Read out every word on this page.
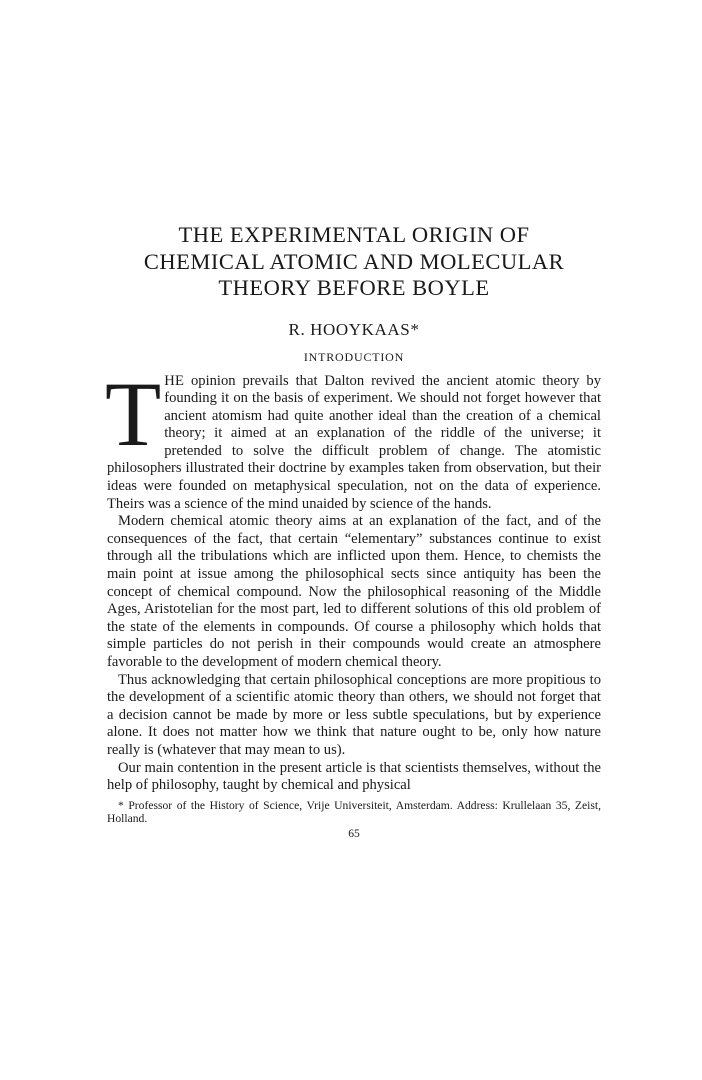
THE EXPERIMENTAL ORIGIN OF
CHEMICAL ATOMIC AND MOLECULAR
THEORY BEFORE BOYLE
R. HOOYKAAS*
INTRODUCTION

THE opinion prevails that Dalton revived the ancient atomic theory by founding it on the basis of experiment. We should not forget however that ancient atomism had quite another ideal than the creation of a chemical theory; it aimed at an explanation of the riddle of the universe; it pretended to solve the difficult problem of change. The atomistic philosophers illustrated their doctrine by examples taken from observation, but their ideas were founded on metaphysical speculation, not on the data of experience. Theirs was a science of the mind unaided by science of the hands.

Modern chemical atomic theory aims at an explanation of the fact, and of the consequences of the fact, that certain “elementary” substances continue to exist through all the tribulations which are inflicted upon them. Hence, to chemists the main point at issue among the philosophical sects since antiquity has been the concept of chemical compound. Now the philosophical reasoning of the Middle Ages, Aristotelian for the most part, led to different solutions of this old problem of the state of the elements in compounds. Of course a philosophy which holds that simple particles do not perish in their compounds would create an atmosphere favorable to the development of modern chemical theory.

Thus acknowledging that certain philosophical conceptions are more propitious to the development of a scientific atomic theory than others, we should not forget that a decision cannot be made by more or less subtle speculations, but by experience alone. It does not matter how we think that nature ought to be, only how nature really is (whatever that may mean to us).

Our main contention in the present article is that scientists themselves, without the help of philosophy, taught by chemical and physical

* Professor of the History of Science, Vrije Universiteit, Amsterdam. Address: Krullelaan 35, Zeist, Holland.
65
